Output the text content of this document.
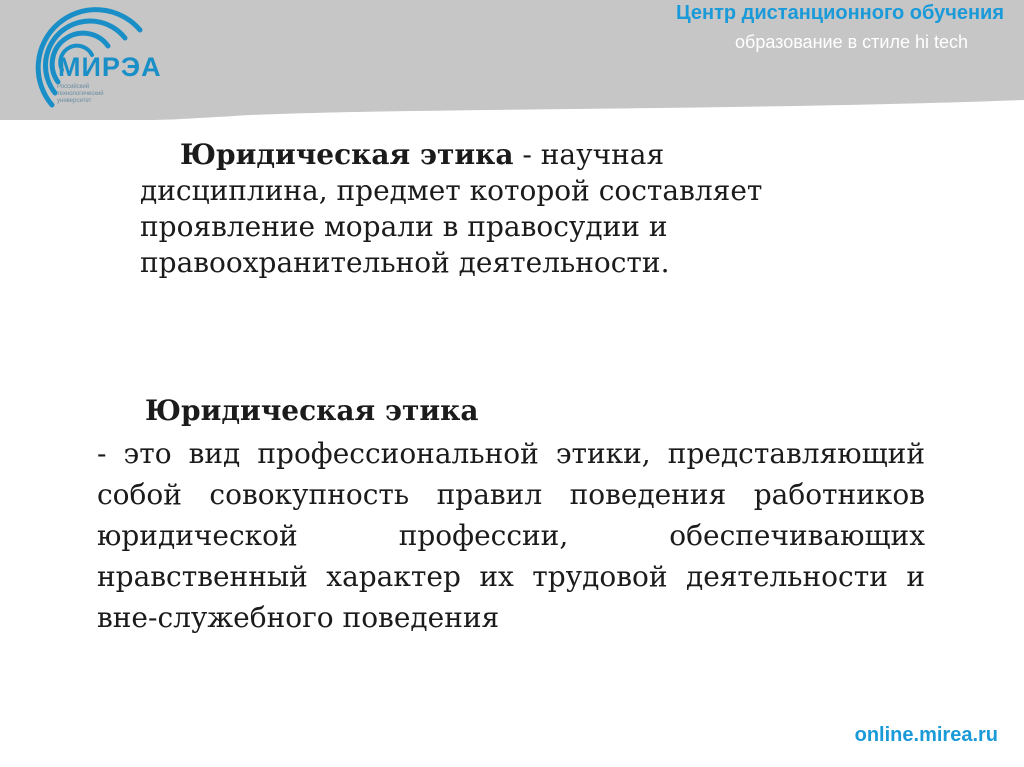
МИРЭА
Российский технологический университет
Центр дистанционного обучения
образование в стиле hi tech
Юридическая этика - научная дисциплина, предмет которой составляет проявление морали в правосудии и правоохранительной деятельности.
Юридическая этика
- это вид профессиональной этики, представляющий собой совокупность правил поведения работников юридической профессии, обеспечивающих нравственный характер их трудовой деятельности и вне-служебного поведения
online.mirea.ru
